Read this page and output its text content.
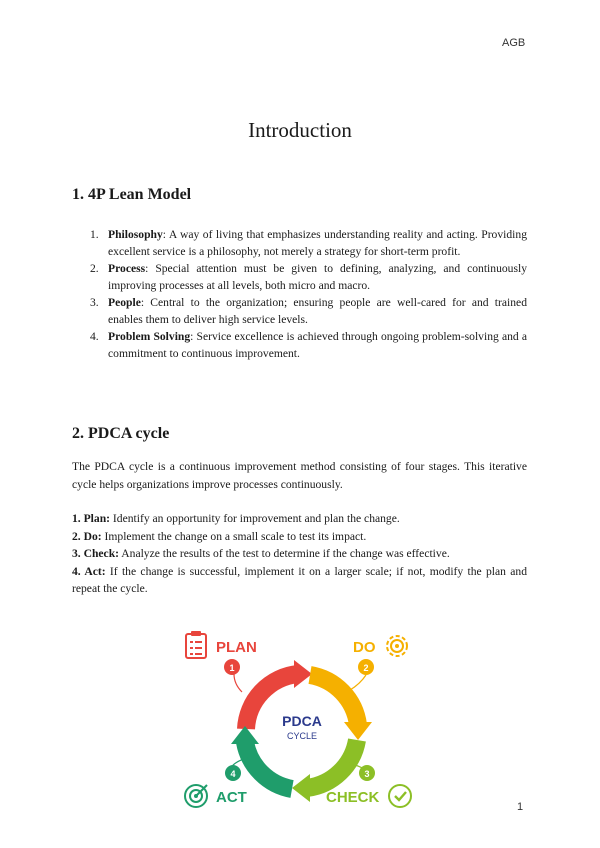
AGB
Introduction
1. 4P Lean Model
1. Philosophy: A way of living that emphasizes understanding reality and acting. Providing excellent service is a philosophy, not merely a strategy for short-term profit.
2. Process: Special attention must be given to defining, analyzing, and continuously improving processes at all levels, both micro and macro.
3. People: Central to the organization; ensuring people are well-cared for and trained enables them to deliver high service levels.
4. Problem Solving: Service excellence is achieved through ongoing problem-solving and a commitment to continuous improvement.
2. PDCA cycle

The PDCA cycle is a continuous improvement method consisting of four stages. This iterative cycle helps organizations improve processes continuously.

1. Plan: Identify an opportunity for improvement and plan the change.
2. Do: Implement the change on a small scale to test its impact.
3. Check: Analyze the results of the test to determine if the change was effective.
4. Act: If the change is successful, implement it on a larger scale; if not, modify the plan and repeat the cycle.
PDCA
CYCLE
1	2
3
4
PLAN	DO
ACT	CHECK
1
